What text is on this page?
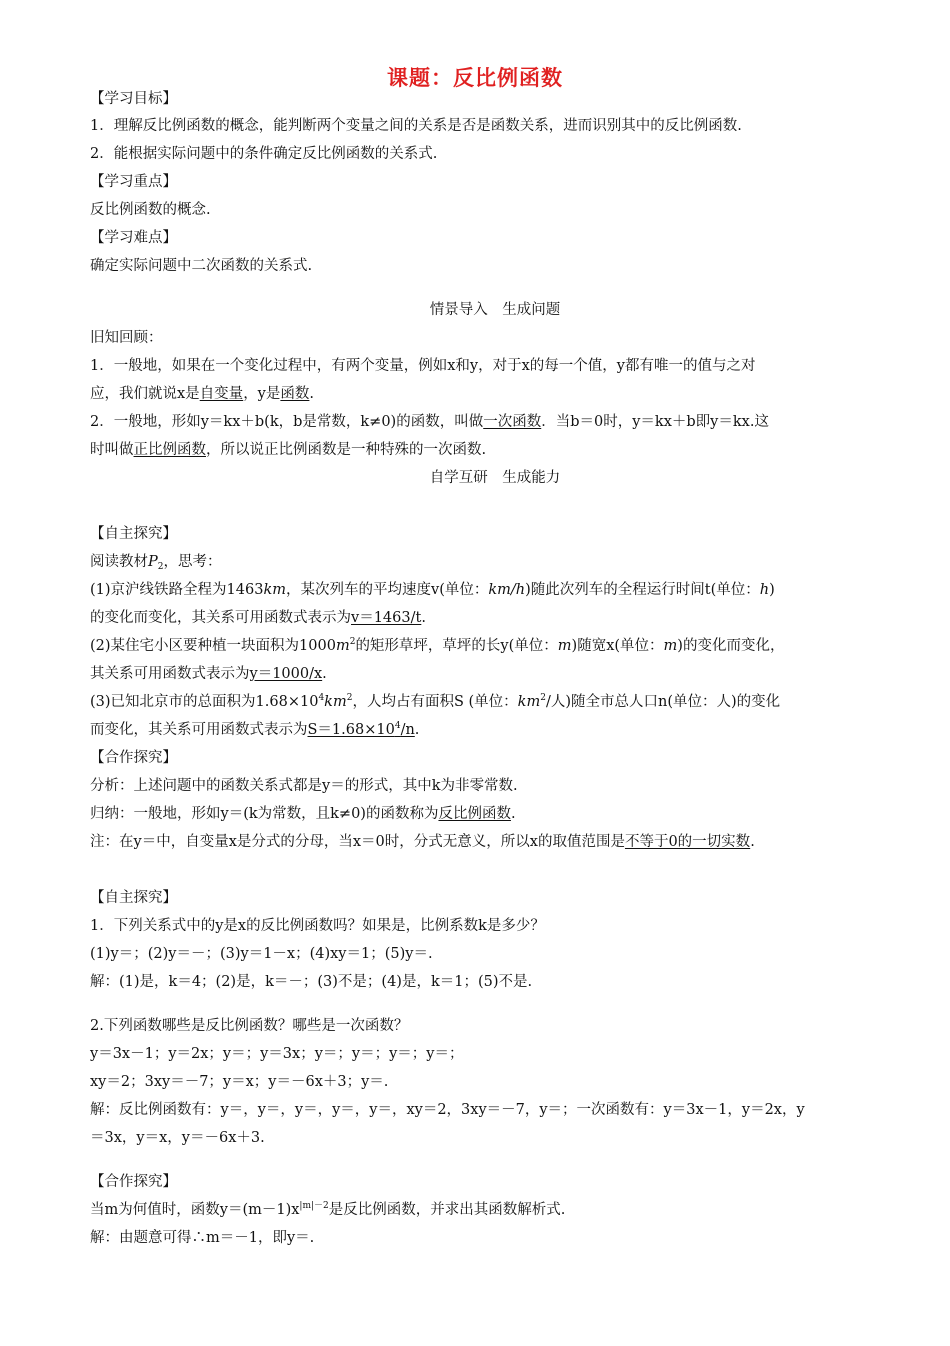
课题：反比例函数
【学习目标】
1．理解反比例函数的概念，能判断两个变量之间的关系是否是函数关系，进而识别其中的反比例函数.
2．能根据实际问题中的条件确定反比例函数的关系式.
【学习重点】
反比例函数的概念.
【学习难点】
确定实际问题中二次函数的关系式.
情景导入　生成问题
旧知回顾：
1．一般地，如果在一个变化过程中，有两个变量，例如x和y，对于x的每一个值，y都有唯一的值与之对
应，我们就说x是自变量，y是函数.
2．一般地，形如y＝kx＋b(k，b是常数，k≠0)的函数，叫做一次函数．当b＝0时，y＝kx＋b即y＝kx.这
时叫做正比例函数，所以说正比例函数是一种特殊的一次函数.
自学互研　生成能力
【自主探究】
阅读教材$P_2$，思考：
(1)京沪线铁路全程为1463km，某次列车的平均速度v(单位：km/h)随此次列车的全程运行时间t(单位：h)
的变化而变化，其关系可用函数式表示为v＝1463/t.
(2)某住宅小区要种植一块面积为$1000m^2$的矩形草坪，草坪的长y(单位：m)随宽x(单位：m)的变化而变化，
其关系可用函数式表示为y＝1000/x.
(3)已知北京市的总面积为$1.68\times 10^4km^2$，人均占有面积S (单位：$km^2/$人)随全市总人口n(单位：人)的变化
而变化，其关系可用函数式表示为$S=1.68\times 10^4/n$.
【合作探究】
分析：上述问题中的函数关系式都是y＝的形式，其中k为非零常数.
归纳：一般地，形如y＝(k为常数，且k≠0)的函数称为反比例函数.
注：在y＝中，自变量x是分式的分母，当x＝0时，分式无意义，所以x的取值范围是不等于0的一切实数.
【自主探究】
1．下列关系式中的y是x的反比例函数吗？如果是，比例系数k是多少？
(1)y＝；(2)y＝－；(3)y＝1－x；(4)xy＝1；(5)y＝.
解：(1)是，k＝4；(2)是，k＝－；(3)不是；(4)是，k＝1；(5)不是.
2.下列函数哪些是反比例函数？哪些是一次函数？
y＝3x－1；y＝2x；y＝；y＝3x；y＝；y＝；y＝；y＝；
xy＝2；3xy＝－7；y＝x；y＝－6x＋3；y＝.
解：反比例函数有：y＝，y＝，y＝，y＝，y＝，xy＝2，3xy＝－7，y＝；一次函数有：y＝3x－1，y＝2x，y
＝3x，y＝x，y＝－6x＋3.
【合作探究】
当m为何值时，函数$y=(m-1)x^{|m|-2}$是反比例函数，并求出其函数解析式.
解：由题意可得∴m＝－1，即y＝.
